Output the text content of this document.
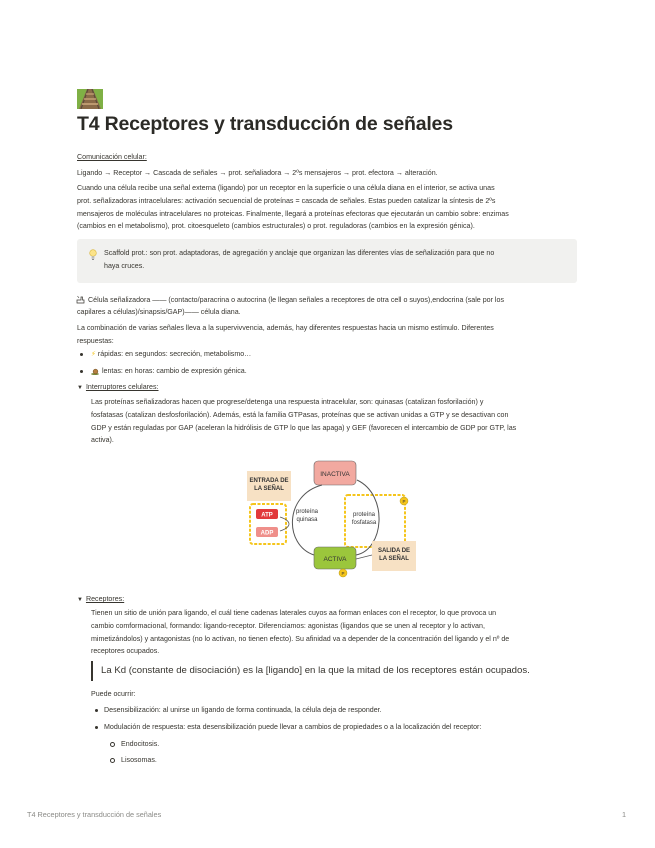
T4 Receptores y transducción de señales
Comunicación celular:
Ligando → Receptor → Cascada de señales → prot. señaliadora → 2ºs mensajeros → prot. efectora → alteración.
Cuando una célula recibe una señal externa (ligando) por un receptor en la superficie o una célula diana en el interior, se activa unas
prot. señalizadoras intracelulares: activación secuencial de proteínas = cascada de señales. Estas pueden catalizar la síntesis de 2ºs
mensajeros de moléculas intracelulares no proteicas. Finalmente, llegará a proteínas efectoras que ejecutarán un cambio sobre: enzimas
(cambios en el metabolismo), prot. citoesqueleto (cambios estructurales) o prot. reguladoras (cambios en la expresión génica).
Scaffold prot.: son prot. adaptadoras, de agregación y anclaje que organizan las diferentes vías de señalización para que no
haya cruces.
Célula señalizadora —— (contacto/paracrina o autocrina (le llegan señales a receptores de otra cell o suyos),endocrina (sale por los
capilares a células)/sinapsis/GAP)—— célula diana.
La combinación de varias señales lleva a la supervivvencia, además, hay diferentes respuestas hacia un mismo estímulo. Diferentes
respuestas:
⚡ rápidas: en segundos: secreción, metabolismo…
lentas: en horas: cambio de expresión génica.
▼ Interruptores celulares:
Las proteínas señalizadoras hacen que progrese/detenga una respuesta intracelular, son: quinasas (catalizan fosforilación) y
fosfatasas (catalizan desfosforilación). Además, está la familia GTPasas, proteínas que se activan unidas a GTP y se desactivan con
GDP y están reguladas por GAP (aceleran la hidrólisis de GTP lo que las apaga) y GEF (favorecen el intercambio de GDP por GTP, las
activa).
ENTRADA DE
LA SEÑAL
INACTIVA
ATP
ADP
proteína
quinasa
proteína
fosfatasa
P
ACTIVA
P
SALIDA DE
LA SEÑAL
▼ Receptores:
Tienen un sitio de unión para ligando, el cuál tiene cadenas laterales cuyos aa forman enlaces con el receptor, lo que provoca un
cambio comformacional, formando: ligando-receptor. Diferenciamos: agonistas (ligandos que se unen al receptor y lo activan,
mimetizándolos) y antagonistas (no lo activan, no tienen efecto). Su afinidad va a depender de la concentración del ligando y el nº de
receptores ocupados.
La Kd (constante de disociación) es la [ligando] en la que la mitad de los receptores están ocupados.
Puede ocurrir:
Desensibilización: al unirse un ligando de forma continuada, la célula deja de responder.
Modulación de respuesta: esta desensibilización puede llevar a cambios de propiedades o a la localización del receptor:
Endocitosis.
Lisosomas.
T4 Receptores y transducción de señales	1
